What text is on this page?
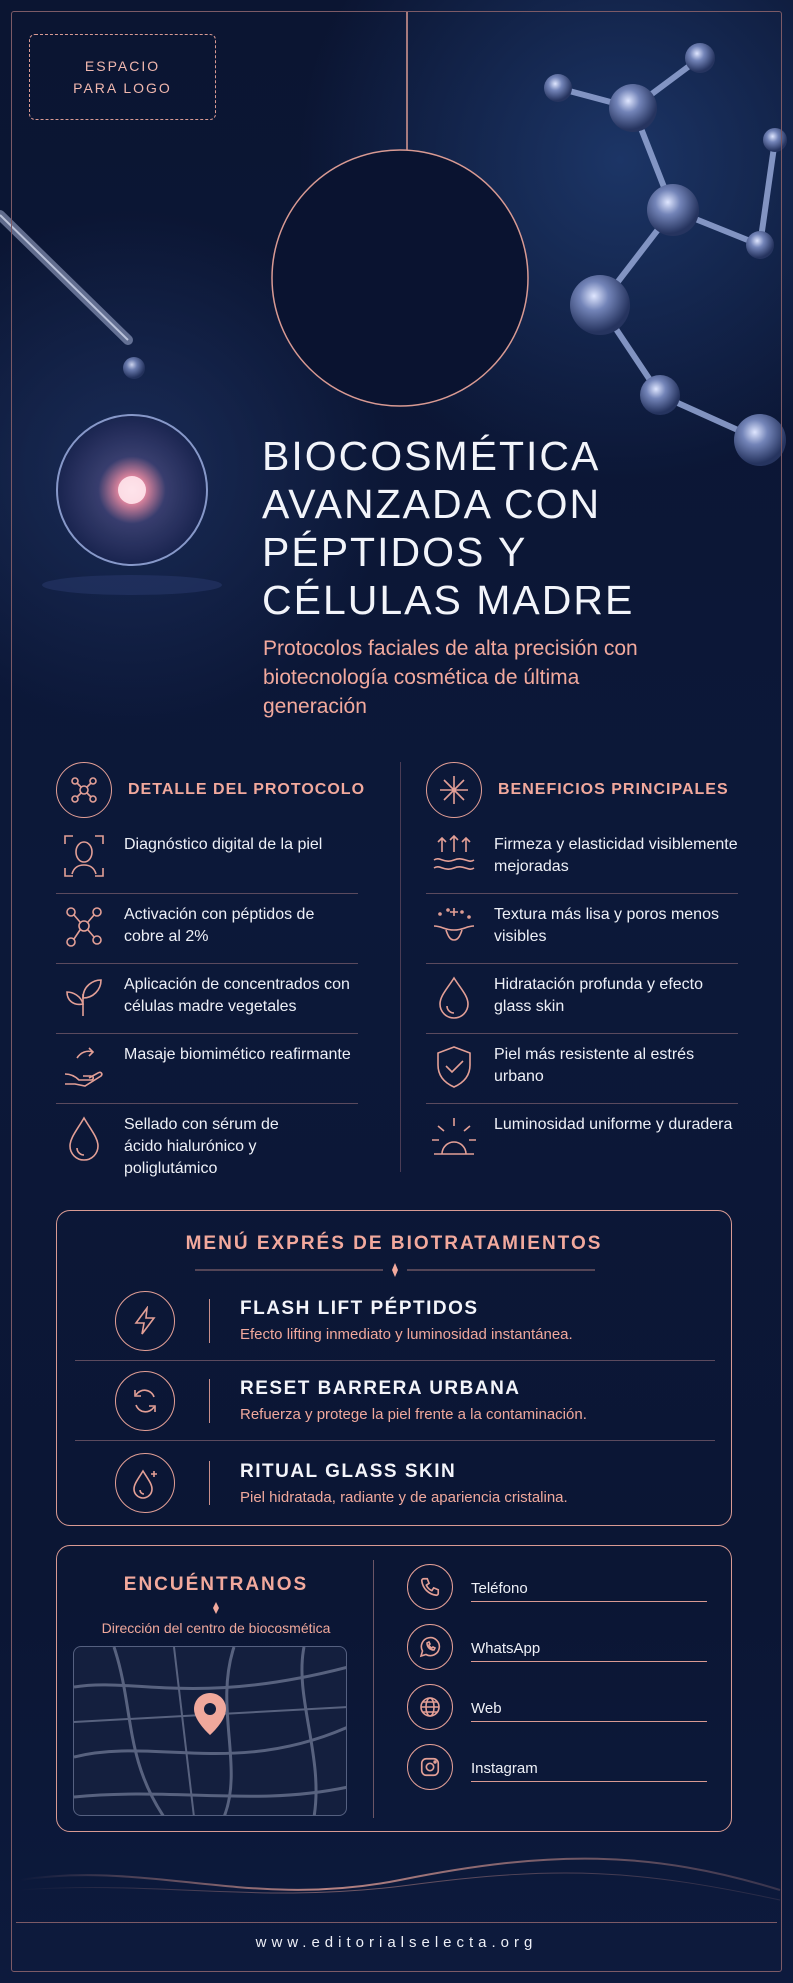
ESPACIO
PARA LOGO
BIOCOSMÉTICA
AVANZADA CON
PÉPTIDOS Y
CÉLULAS MADRE

Protocolos faciales de alta precisión con biotecnología cosmética de última generación

DETALLE DEL PROTOCOLO
Diagnóstico digital de la piel
Activación con péptidos de cobre al 2%
Aplicación de concentrados con células madre vegetales
Masaje biomimético reafirmante
Sellado con sérum de ácido hialurónico y poliglutámico
BENEFICIOS PRINCIPALES
Firmeza y elasticidad visiblemente mejoradas
Textura más lisa y poros menos visibles
Hidratación profunda y efecto glass skin
Piel más resistente al estrés urbano
Luminosidad uniforme y duradera
MENÚ EXPRÉS DE BIOTRATAMIENTOS
FLASH LIFT PÉPTIDOS
Efecto lifting inmediato y luminosidad instantánea.
RESET BARRERA URBANA
Refuerza y protege la piel frente a la contaminación.
RITUAL GLASS SKIN
Piel hidratada, radiante y de apariencia cristalina.
ENCUÉNTRANOS
Dirección del centro de biocosmética
Teléfono
WhatsApp
Web
Instagram
www.editorialselecta.org
